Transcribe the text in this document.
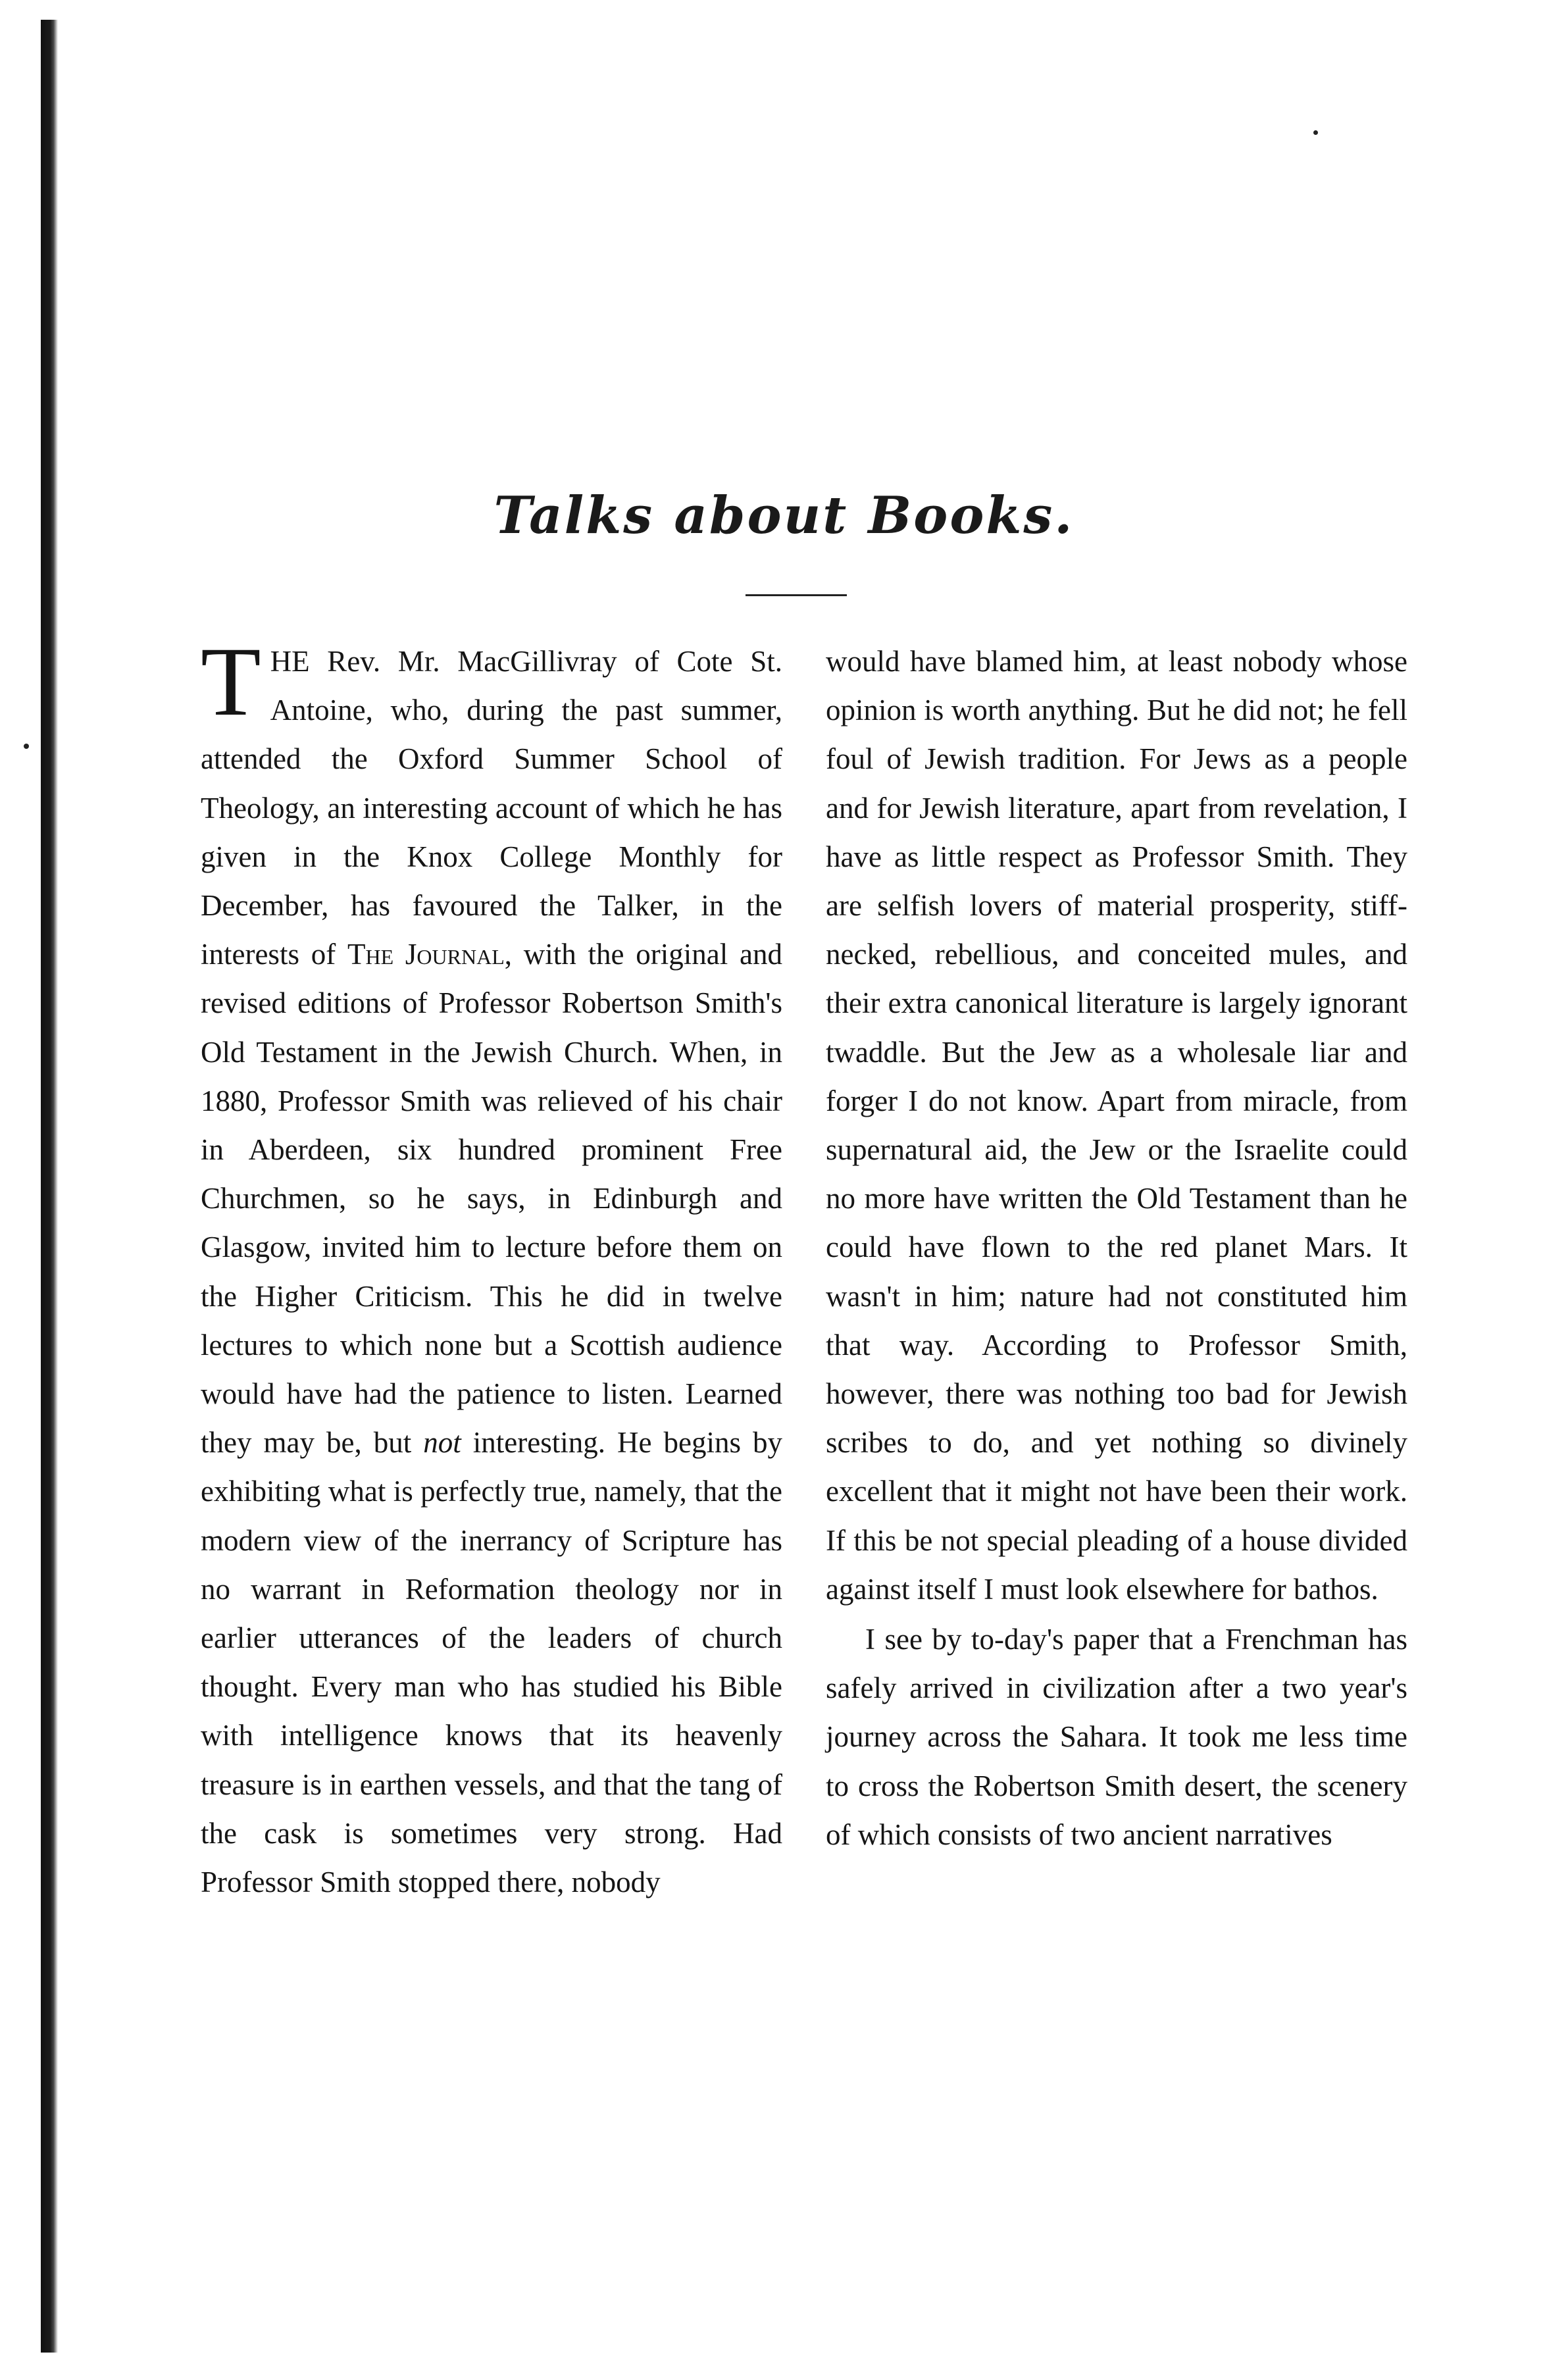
Talks about Books.

THE Rev. Mr. MacGillivray of Cote St. Antoine, who, during the past summer, attended the Oxford Summer School of Theology, an interesting account of which he has given in the Knox College Monthly for December, has favoured the Talker, in the interests of The Journal, with the original and revised editions of Professor Robertson Smith's Old Testament in the Jewish Church. When, in 1880, Professor Smith was relieved of his chair in Aberdeen, six hundred prominent Free Churchmen, so he says, in Edinburgh and Glasgow, invited him to lecture before them on the Higher Criticism. This he did in twelve lectures to which none but a Scottish audience would have had the patience to listen. Learned they may be, but not interesting. He begins by exhibiting what is perfectly true, namely, that the modern view of the inerrancy of Scripture has no warrant in Reformation theology nor in earlier utterances of the leaders of church thought. Every man who has studied his Bible with intelligence knows that its heavenly treasure is in earthen vessels, and that the tang of the cask is sometimes very strong. Had Professor Smith stopped there, nobody

would have blamed him, at least nobody whose opinion is worth anything. But he did not; he fell foul of Jewish tradition. For Jews as a people and for Jewish literature, apart from revelation, I have as little respect as Professor Smith. They are selfish lovers of material prosperity, stiff-necked, rebellious, and conceited mules, and their extra canonical literature is largely ignorant twaddle. But the Jew as a wholesale liar and forger I do not know. Apart from miracle, from supernatural aid, the Jew or the Israelite could no more have written the Old Testament than he could have flown to the red planet Mars. It wasn't in him; nature had not constituted him that way. According to Professor Smith, however, there was nothing too bad for Jewish scribes to do, and yet nothing so divinely excellent that it might not have been their work. If this be not special pleading of a house divided against itself I must look elsewhere for bathos.

I see by to-day's paper that a Frenchman has safely arrived in civilization after a two year's journey across the Sahara. It took me less time to cross the Robertson Smith desert, the scenery of which consists of two ancient narratives
